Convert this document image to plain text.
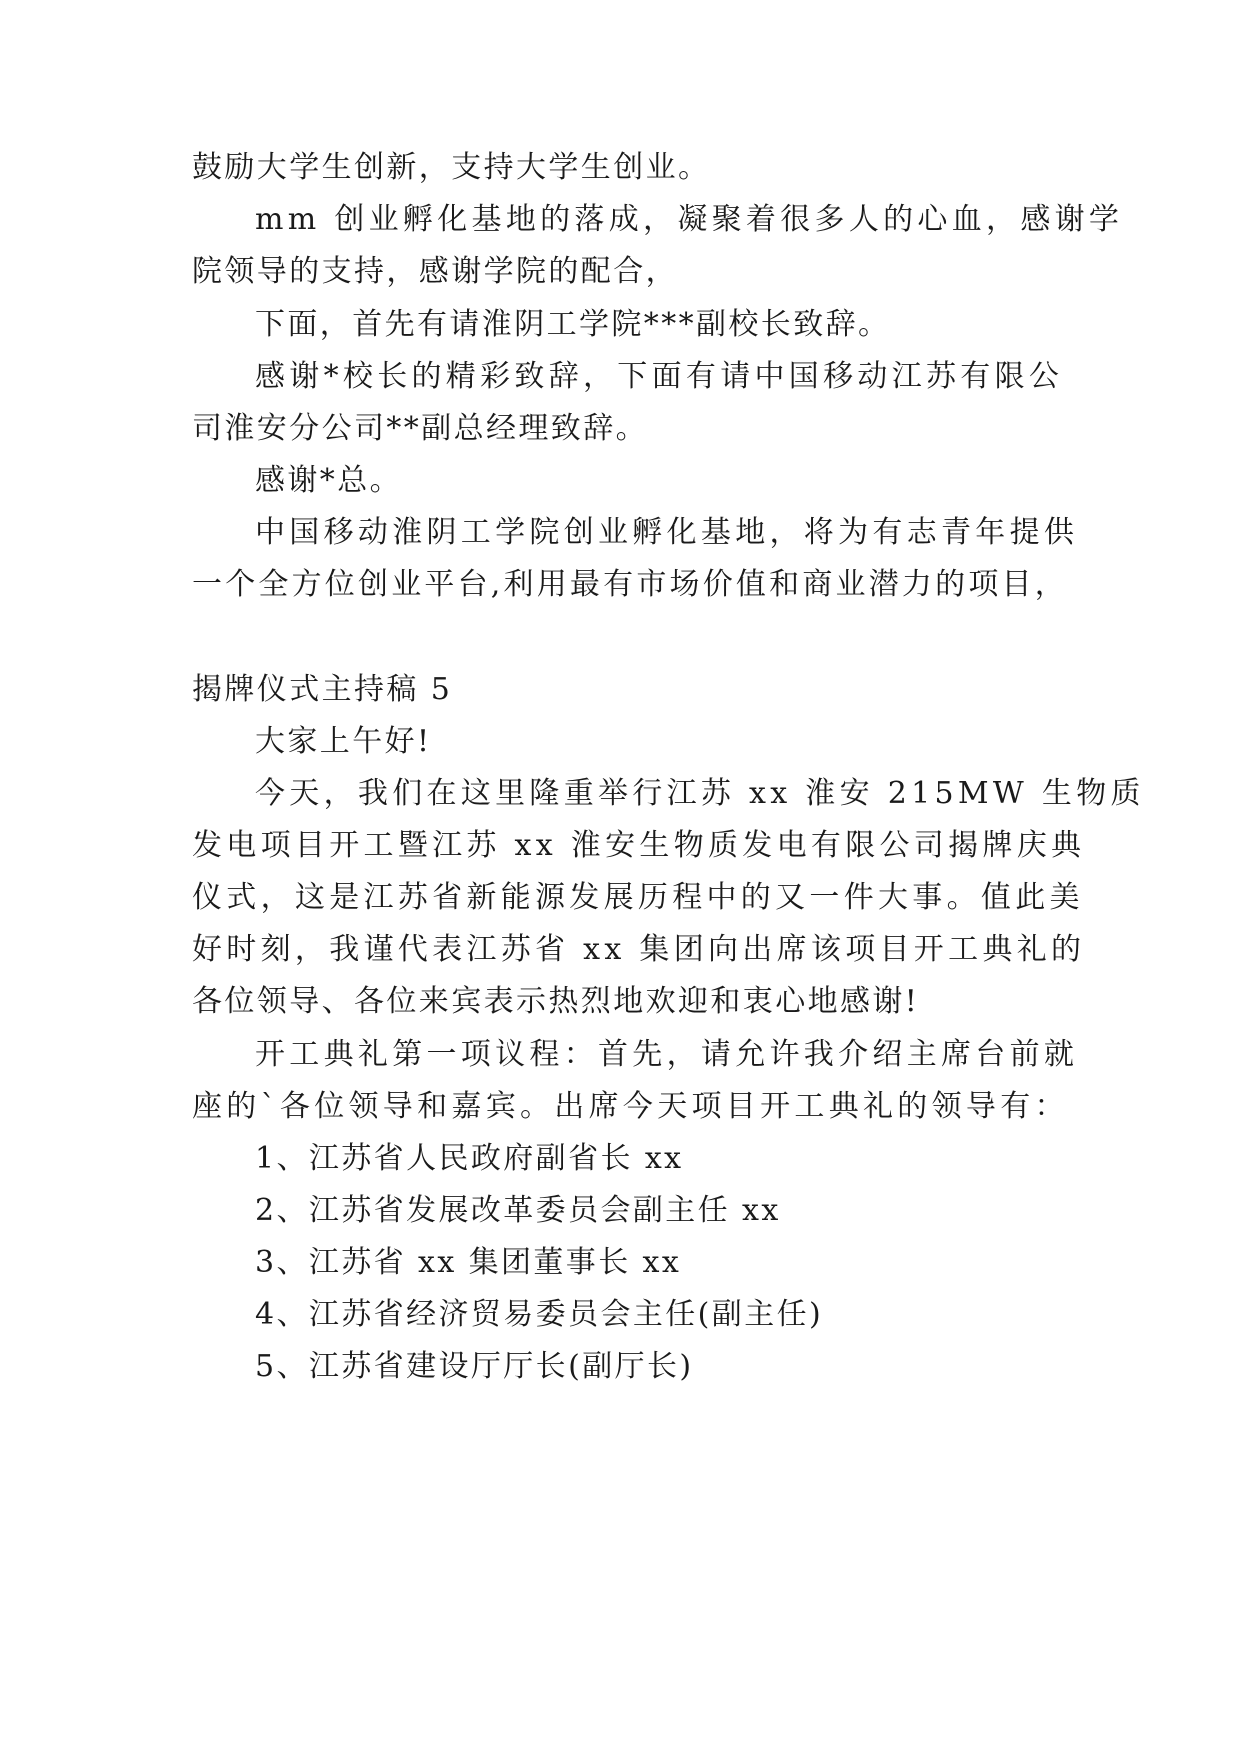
鼓励大学生创新，支持大学生创业。
mm 创业孵化基地的落成，凝聚着很多人的心血，感谢学
院领导的支持，感谢学院的配合，
下面，首先有请淮阴工学院***副校长致辞。
感谢*校长的精彩致辞，下面有请中国移动江苏有限公
司淮安分公司**副总经理致辞。
感谢*总。
中国移动淮阴工学院创业孵化基地，将为有志青年提供
一个全方位创业平台,利用最有市场价值和商业潜力的项目，
揭牌仪式主持稿 5
大家上午好!
今天，我们在这里隆重举行江苏 xx 淮安 215MW 生物质
发电项目开工暨江苏 xx 淮安生物质发电有限公司揭牌庆典
仪式，这是江苏省新能源发展历程中的又一件大事。值此美
好时刻，我谨代表江苏省 xx 集团向出席该项目开工典礼的
各位领导、各位来宾表示热烈地欢迎和衷心地感谢!
开工典礼第一项议程：首先，请允许我介绍主席台前就
座的`各位领导和嘉宾。出席今天项目开工典礼的领导有：
1、江苏省人民政府副省长 xx
2、江苏省发展改革委员会副主任 xx
3、江苏省 xx 集团董事长 xx
4、江苏省经济贸易委员会主任(副主任)
5、江苏省建设厅厅长(副厅长)
